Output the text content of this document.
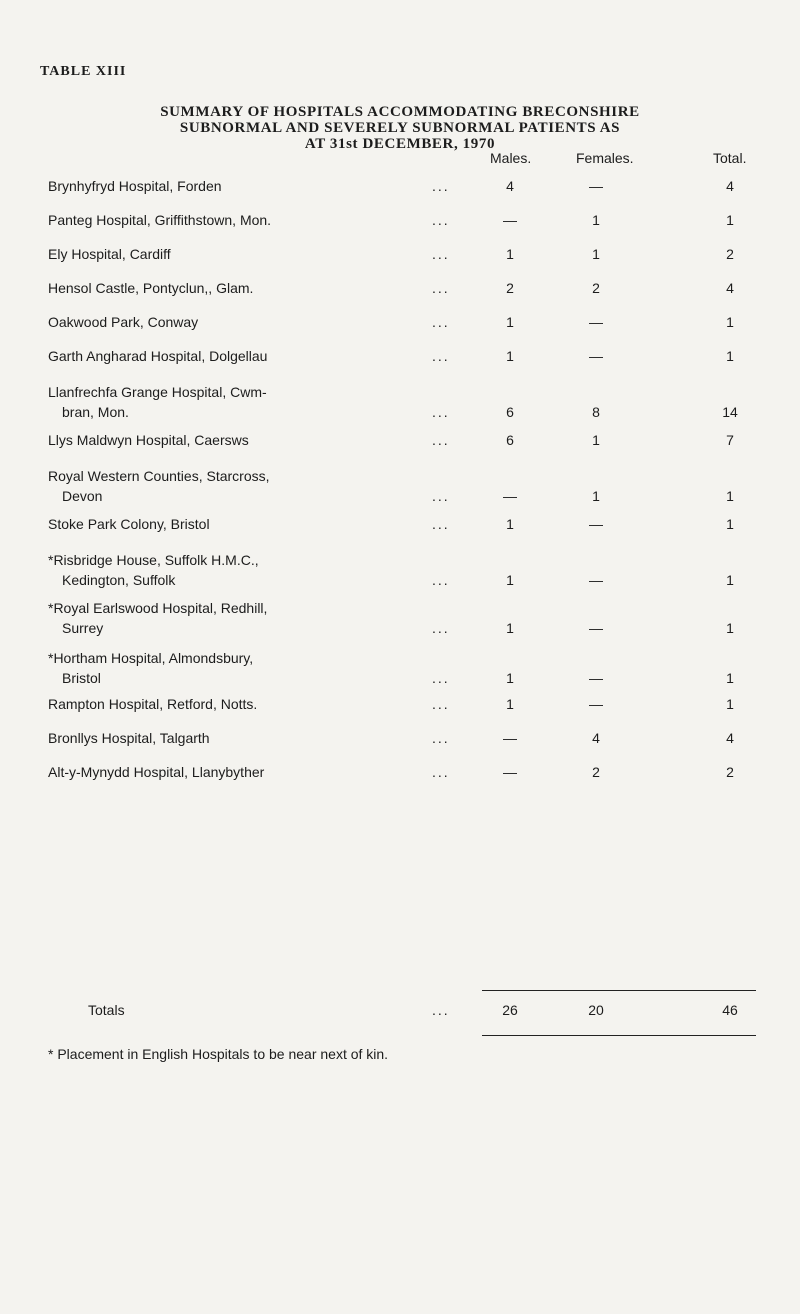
TABLE XIII
SUMMARY OF HOSPITALS ACCOMMODATING BRECONSHIRE
SUBNORMAL AND SEVERELY SUBNORMAL PATIENTS AS
AT 31st DECEMBER, 1970
Males.	Females.	Total.
Brynhyfryd Hospital, Forden	...	4	—	4
Panteg Hospital, Griffithstown, Mon.	...	—	1	1
Ely Hospital, Cardiff	...	1	1	2
Hensol Castle, Pontyclun,, Glam.	...	2	2	4
Oakwood Park, Conway	...	1	—	1
Garth Angharad Hospital, Dolgellau	...	1	—	1
Llanfrechfa Grange Hospital, Cwm-
bran, Mon.	...	6	8	14
Llys Maldwyn Hospital, Caersws	...	6	1	7
Royal Western Counties, Starcross,
Devon	...	—	1	1
Stoke Park Colony, Bristol	...	1	—	1
*Risbridge House, Suffolk H.M.C.,
Kedington, Suffolk	...	1	—	1
*Royal Earlswood Hospital, Redhill,
Surrey	...	1	—	1
*Hortham Hospital, Almondsbury,
Bristol	...	1	—	1
Rampton Hospital, Retford, Notts.	...	1	—	1
Bronllys Hospital, Talgarth	...	—	4	4
Alt-y-Mynydd Hospital, Llanybyther	...	—	2	2
Totals	...	26	20	46
* Placement in English Hospitals to be near next of kin.
